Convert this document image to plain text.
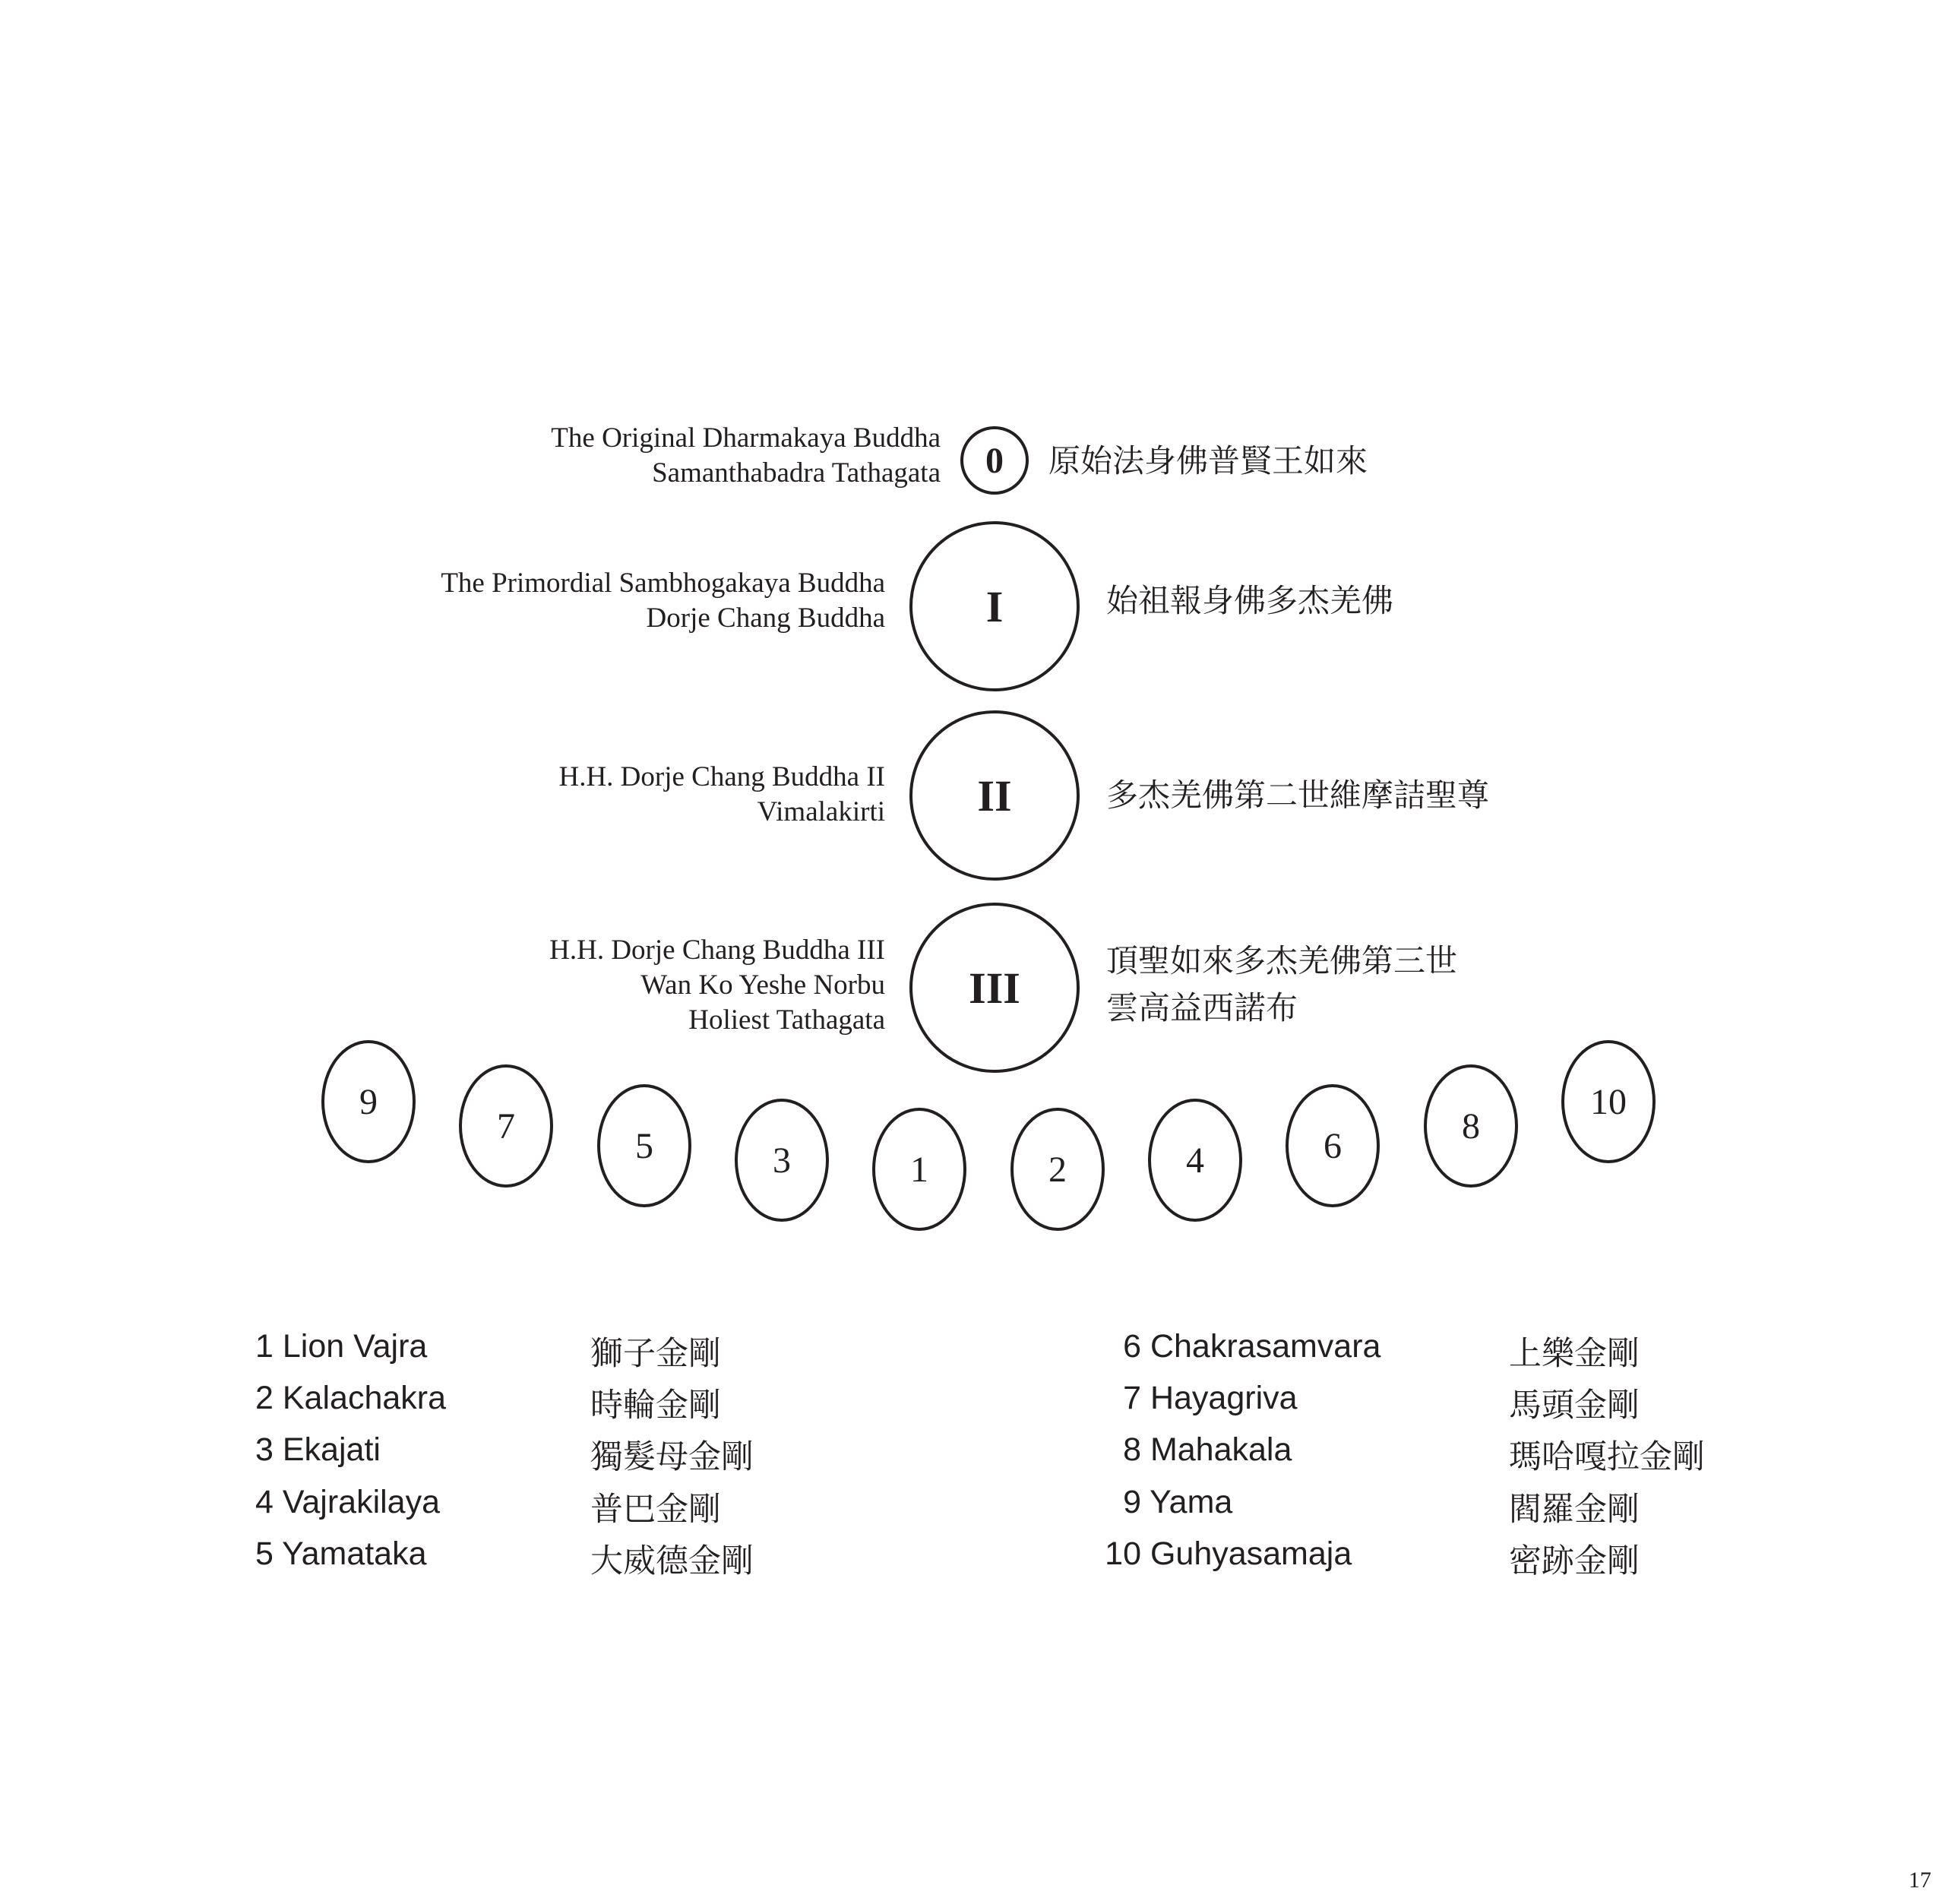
The Original Dharmakaya Buddha
Samanthabadra Tathagata 0 原始法身佛普賢王如來
The Primordial Sambhogakaya Buddha
Dorje Chang Buddha I	始祖報身佛多杰羌佛
H.H. Dorje Chang Buddha II
Vimalakirti II	多杰羌佛第二世維摩詰聖尊
H.H. Dorje Chang Buddha III
Wan Ko Yeshe Norbu
Holiest Tathagata
III
頂聖如來多杰羌佛第三世
雲高益西諾布
9
7	5	3	1	2	4	6	8
10
1 Lion Vajra	獅子金剛
2 Kalachakra	時輪金剛
3 Ekajati	獨髮母金剛
4 Vajrakilaya	普巴金剛
5 Yamataka	大威德金剛
6 Chakrasamvara	上樂金剛
7 Hayagriva	馬頭金剛
8 Mahakala	瑪哈嘎拉金剛
9 Yama	閻羅金剛
10 Guhyasamaja	密跡金剛
17
